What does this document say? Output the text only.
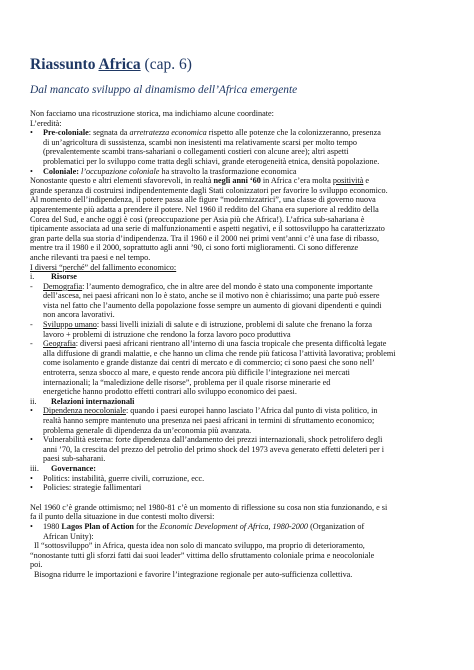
Riassunto Africa (cap. 6)
Dal mancato sviluppo al dinamismo dell’Africa emergente
Non facciamo una ricostruzione storica, ma indichiamo alcune coordinate:
L’eredità:
• Pre-coloniale: segnata da arretratezza economica rispetto alle potenze che la colonizzeranno, presenza
di un’agricoltura di sussistenza, scambi non inesistenti ma relativamente scarsi per molto tempo
(prevalentemente scambi trans-sahariani o collegamenti costieri con alcune aree); altri aspetti
problematici per lo sviluppo come tratta degli schiavi, grande eterogeneità etnica, densità popolazione.
• Coloniale: l’occupazione coloniale ha stravolto la trasformazione economica
Nonostante questo e altri elementi sfavorevoli, in realtà negli anni ‘60 in Africa c’era molta positività e
grande speranza di costruirsi indipendentemente dagli Stati colonizzatori per favorire lo sviluppo economico.
Al momento dell’indipendenza, il potere passa alle figure “modernizzatrici”, una classe di governo nuova
apparentemente più adatta a prendere il potere. Nel 1960 il reddito del Ghana era superiore al reddito della
Corea del Sud, e anche oggi è così (preoccupazione per Asia più che Africa!). L’africa sub-sahariana è
tipicamente associata ad una serie di malfunzionamenti e aspetti negativi, e il sottosviluppo ha caratterizzato
gran parte della sua storia d’indipendenza. Tra il 1960 e il 2000 nei primi vent’anni c’è una fase di ribasso,
mentre tra il 1980 e il 2000, soprattutto agli anni ’90, ci sono forti miglioramenti. Ci sono differenze
anche rilevanti tra paesi e nel tempo.
I diversi “perché” del fallimento economico:
i. Risorse
- Demografia: l’aumento demografico, che in altre aree del mondo è stato una componente importante
dell’ascesa, nei paesi africani non lo è stato, anche se il motivo non è chiarissimo; una parte può essere
vista nel fatto che l’aumento della popolazione fosse sempre un aumento di giovani dipendenti e quindi
non ancora lavorativi.
- Sviluppo umano: bassi livelli iniziali di salute e di istruzione, problemi di salute che frenano la forza
lavoro + problemi di istruzione che rendono la forza lavoro poco produttiva
- Geografia: diversi paesi africani rientrano all’interno di una fascia tropicale che presenta difficoltà legate
alla diffusione di grandi malattie, e che hanno un clima che rende più faticosa l’attività lavorativa; problemi
come isolamento e grande distanze dai centri di mercato e di commercio; ci sono paesi che sono nell’
entroterra, senza sbocco al mare, e questo rende ancora più difficile l’integrazione nei mercati
internazionali; la “maledizione delle risorse”, problema per il quale risorse minerarie ed
energetiche hanno prodotto effetti contrari allo sviluppo economico dei paesi.
ii. Relazioni internazionali
• Dipendenza neocoloniale: quando i paesi europei hanno lasciato l’Africa dal punto di vista politico, in
realtà hanno sempre mantenuto una presenza nei paesi africani in termini di sfruttamento economico;
problema generale di dipendenza da un’economia più avanzata.
• Vulnerabilità esterna: forte dipendenza dall’andamento dei prezzi internazionali, shock petrolifero degli
anni ’70, la crescita del prezzo del petrolio del primo shock del 1973 aveva generato effetti deleteri per i
paesi sub-saharani.
iii. Governance:
• Politics: instabilità, guerre civili, corruzione, ecc.
• Policies: strategie fallimentari
Nel 1960 c’è grande ottimismo; nel 1980-81 c’è un momento di riflessione su cosa non stia funzionando, e si
fa il punto della situazione in due contesti molto diversi:
• 1980 Lagos Plan of Action for the Economic Development of Africa, 1980-2000 (Organization of
African Unity):
Il “sottosviluppo” in Africa, questa idea non solo di mancato sviluppo, ma proprio di deterioramento,
“nonostante tutti gli sforzi fatti dai suoi leader” vittima dello sfruttamento coloniale prima e neocoloniale
poi.
Bisogna ridurre le importazioni e favorire l’integrazione regionale per auto-sufficienza collettiva.
